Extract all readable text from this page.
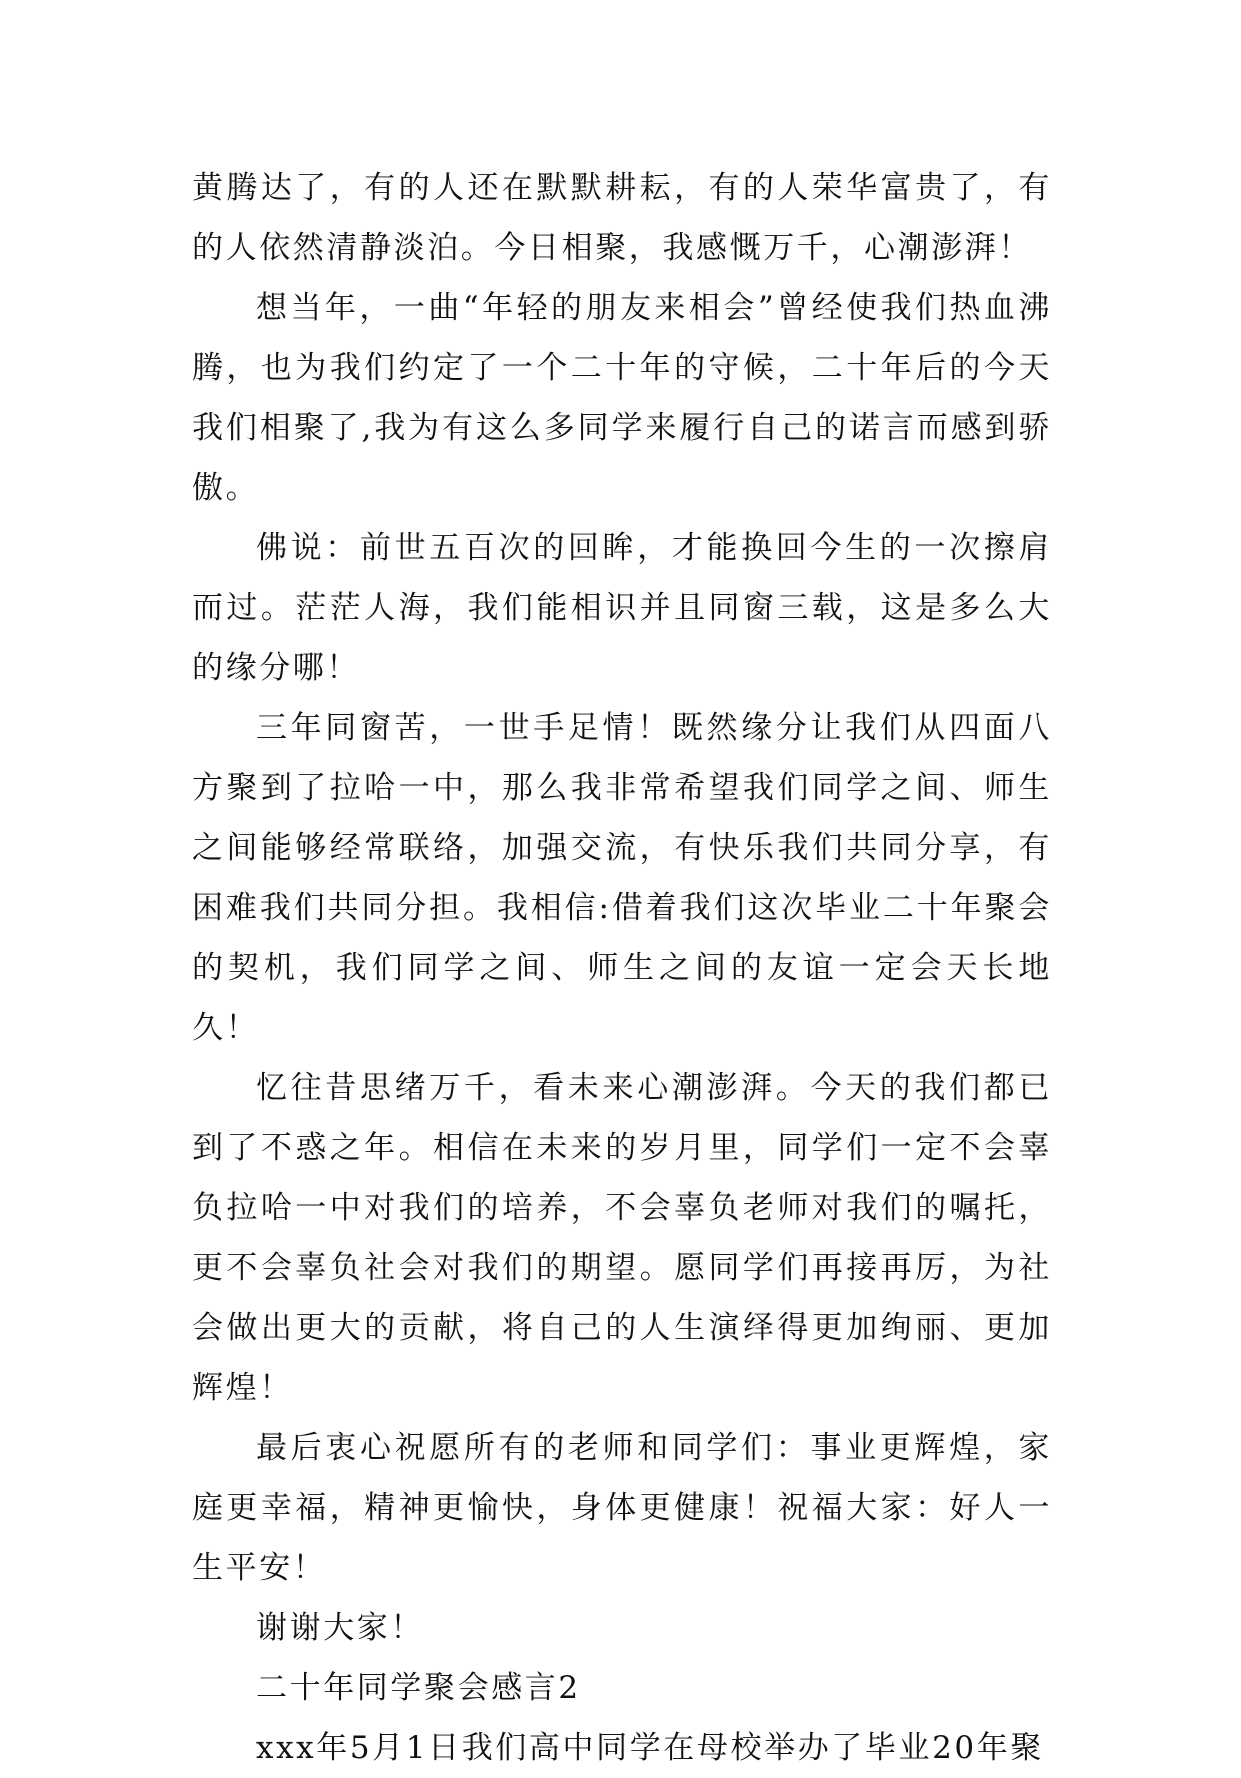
黄腾达了，有的人还在默默耕耘，有的人荣华富贵了，有的人依然清静淡泊。今日相聚，我感慨万千，心潮澎湃！

想当年，一曲“年轻的朋友来相会”曾经使我们热血沸腾，也为我们约定了一个二十年的守候，二十年后的今天我们相聚了,我为有这么多同学来履行自己的诺言而感到骄傲。

佛说：前世五百次的回眸，才能换回今生的一次擦肩而过。茫茫人海，我们能相识并且同窗三载，这是多么大的缘分哪！

三年同窗苦，一世手足情！既然缘分让我们从四面八方聚到了拉哈一中，那么我非常希望我们同学之间、师生之间能够经常联络，加强交流，有快乐我们共同分享，有困难我们共同分担。我相信:借着我们这次毕业二十年聚会的契机，我们同学之间、师生之间的友谊一定会天长地久！

忆往昔思绪万千，看未来心潮澎湃。今天的我们都已到了不惑之年。相信在未来的岁月里，同学们一定不会辜负拉哈一中对我们的培养，不会辜负老师对我们的嘱托，更不会辜负社会对我们的期望。愿同学们再接再厉，为社会做出更大的贡献，将自己的人生演绎得更加绚丽、更加辉煌！

最后衷心祝愿所有的老师和同学们：事业更辉煌，家庭更幸福，精神更愉快，身体更健康！祝福大家：好人一生平安！

谢谢大家！

二十年同学聚会感言2

xxx年5月1日我们高中同学在母校举办了毕业20年聚
